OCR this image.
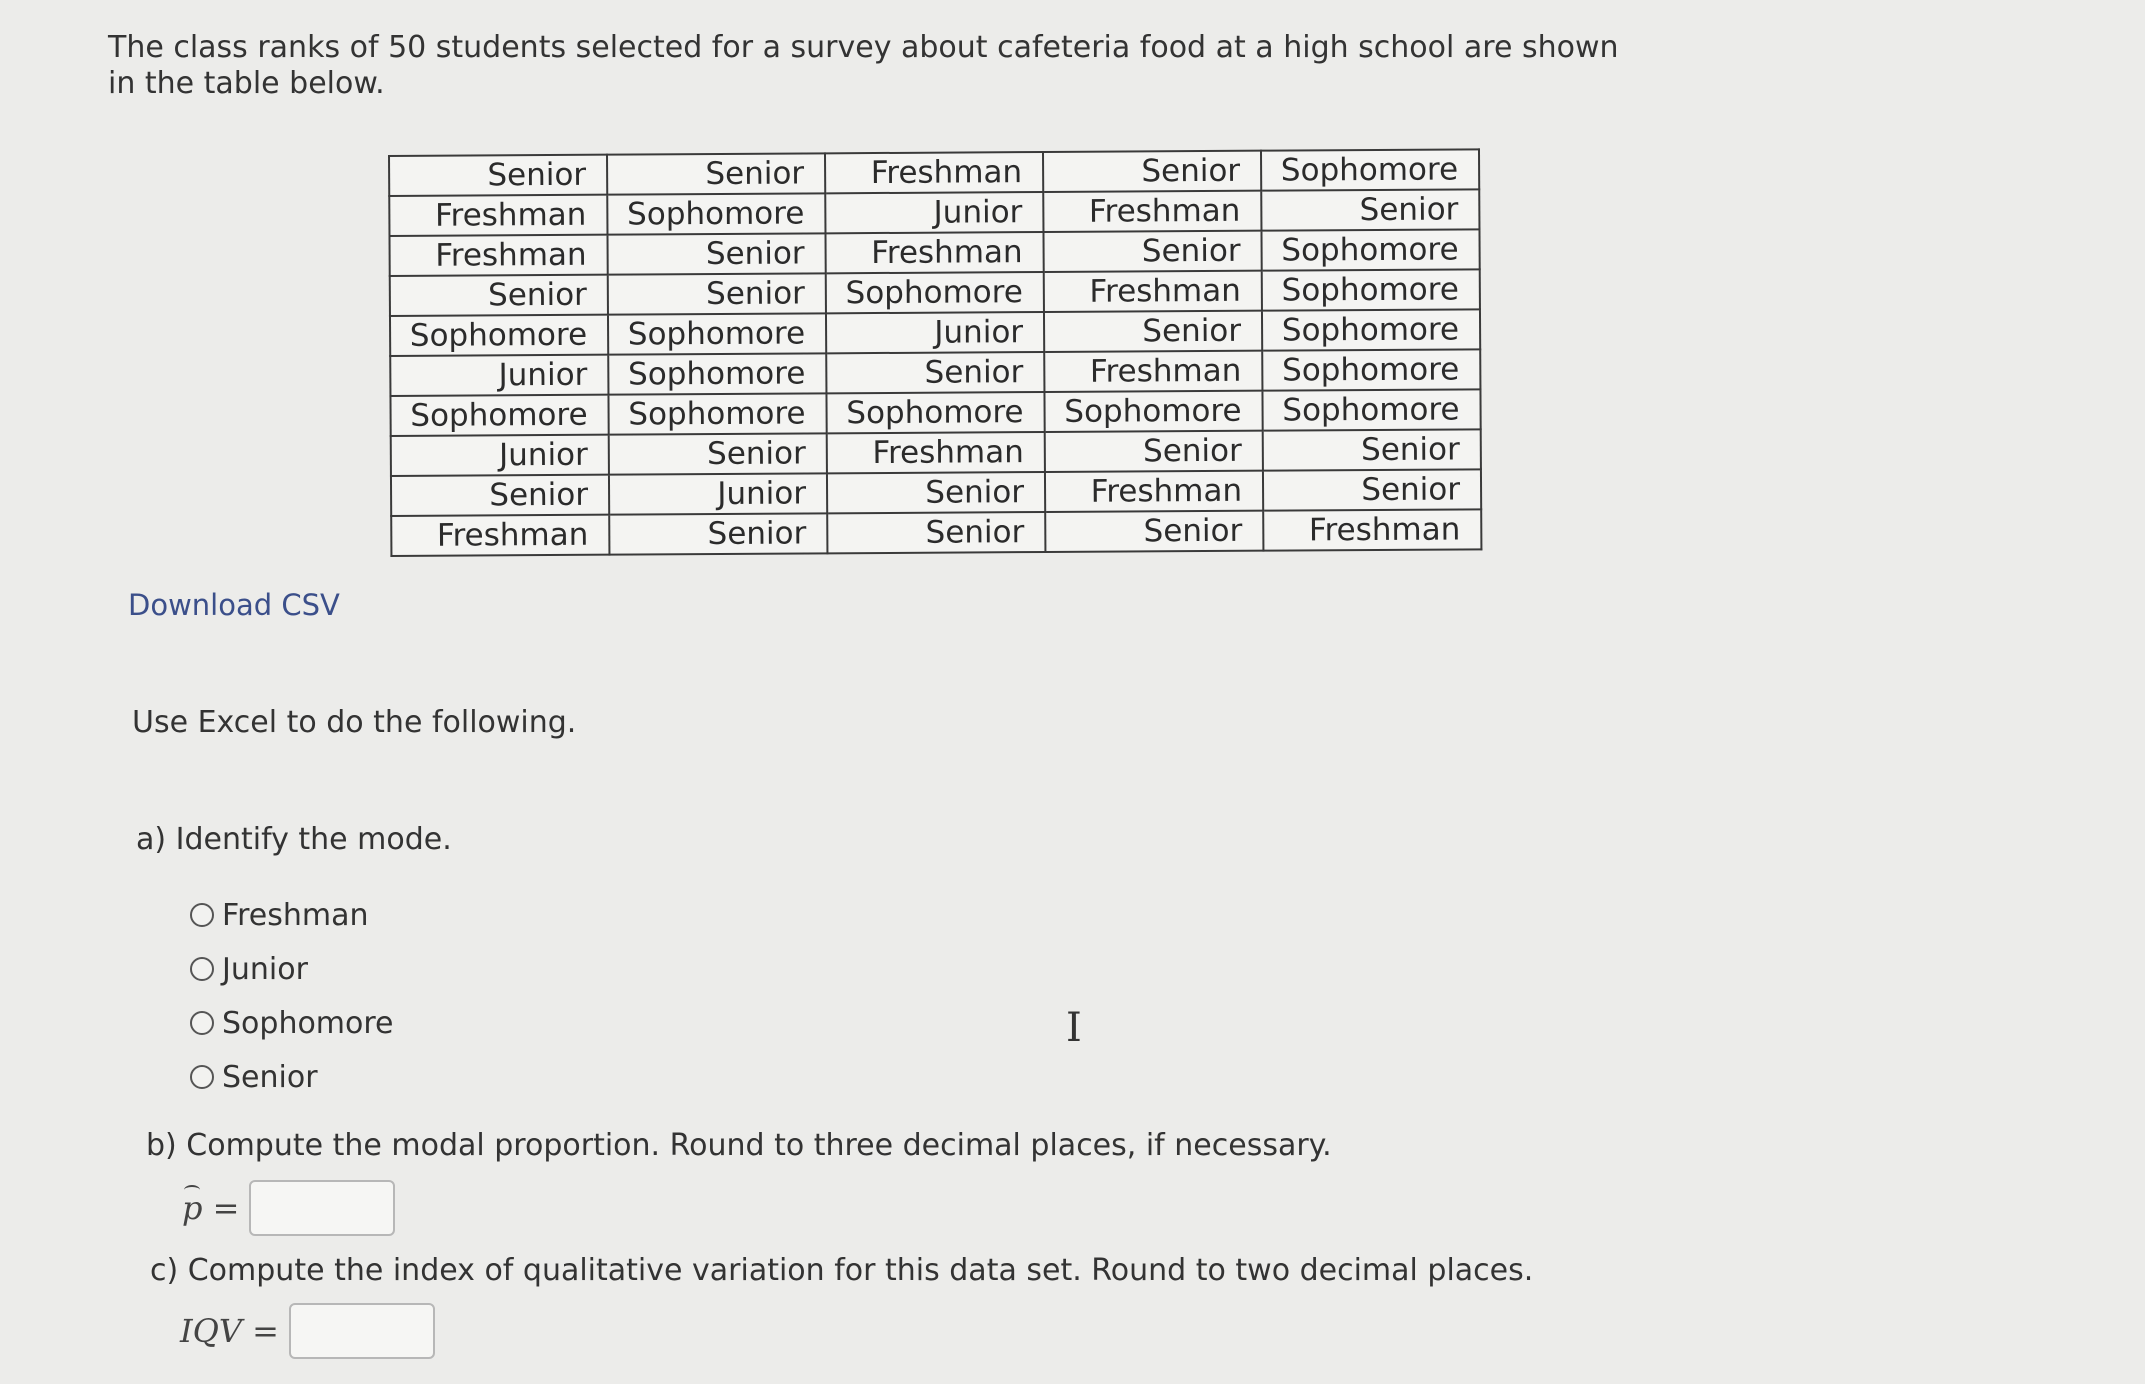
The class ranks of 50 students selected for a survey about cafeteria food at a high school are shown in the table below.
Senior	Senior	Freshman	Senior	Sophomore
Freshman	Sophomore	Junior	Freshman	Senior
Freshman	Senior	Freshman	Senior	Sophomore
Senior	Senior	Sophomore	Freshman	Sophomore
Sophomore	Sophomore	Junior	Senior	Sophomore
Junior	Sophomore	Senior	Freshman	Sophomore
Sophomore	Sophomore	Sophomore	Sophomore	Sophomore
Junior	Senior	Freshman	Senior	Senior
Senior	Junior	Senior	Freshman	Senior
Freshman	Senior	Senior	Senior	Freshman
Download CSV
Use Excel to do the following.
a) Identify the mode.
Freshman
Junior
Sophomore
Senior
I
b) Compute the modal proportion. Round to three decimal places, if necessary.
p =
c) Compute the index of qualitative variation for this data set. Round to two decimal places.
IQV =
